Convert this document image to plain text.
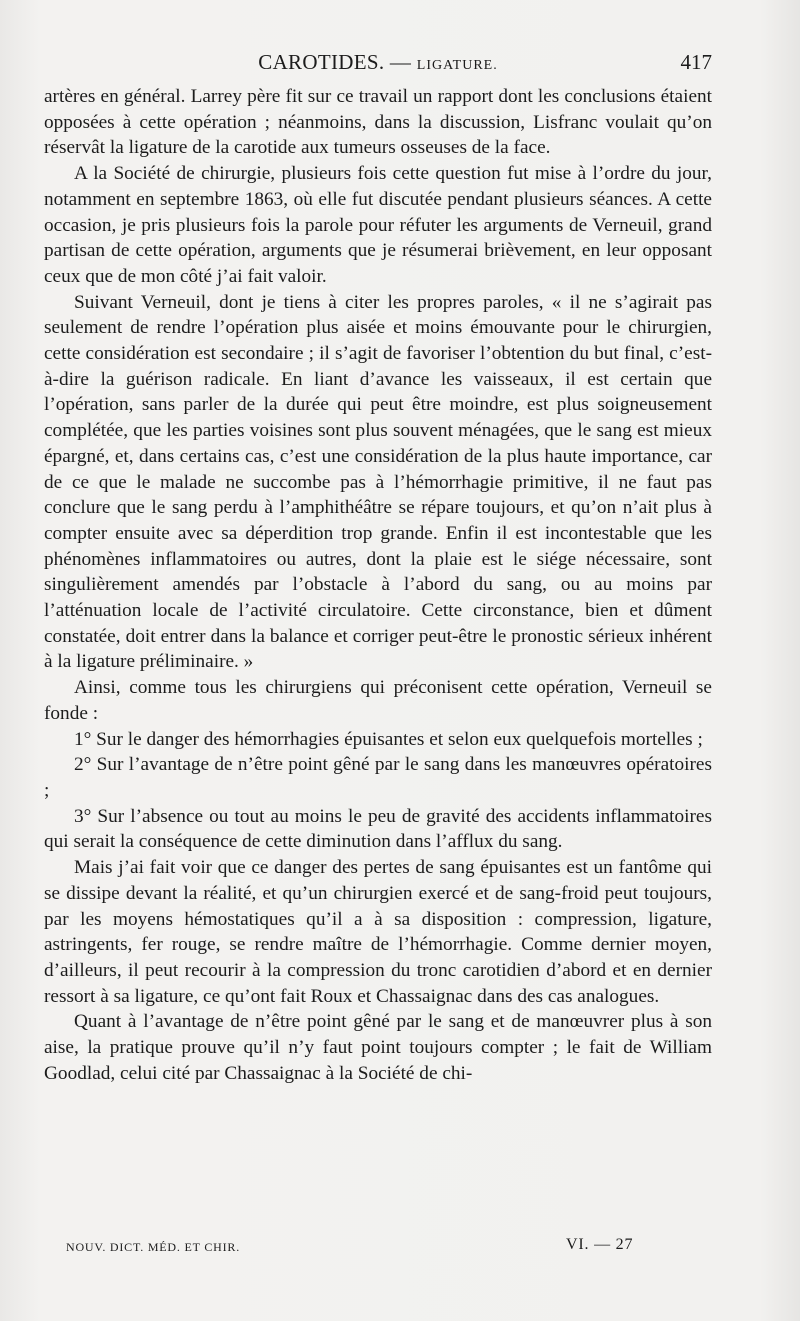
CAROTIDES. — LIGATURE.	417

artères en général. Larrey père fit sur ce travail un rapport dont les conclusions étaient opposées à cette opération ; néanmoins, dans la discussion, Lisfranc voulait qu’on réservât la ligature de la carotide aux tumeurs osseuses de la face.

A la Société de chirurgie, plusieurs fois cette question fut mise à l’ordre du jour, notamment en septembre 1863, où elle fut discutée pendant plusieurs séances. A cette occasion, je pris plusieurs fois la parole pour réfuter les arguments de Verneuil, grand partisan de cette opération, arguments que je résumerai brièvement, en leur opposant ceux que de mon côté j’ai fait valoir.

Suivant Verneuil, dont je tiens à citer les propres paroles, « il ne s’agirait pas seulement de rendre l’opération plus aisée et moins émouvante pour le chirurgien, cette considération est secondaire ; il s’agit de favoriser l’obtention du but final, c’est-à-dire la guérison radicale. En liant d’avance les vaisseaux, il est certain que l’opération, sans parler de la durée qui peut être moindre, est plus soigneusement complétée, que les parties voisines sont plus souvent ménagées, que le sang est mieux épargné, et, dans certains cas, c’est une considération de la plus haute importance, car de ce que le malade ne succombe pas à l’hémorrhagie primitive, il ne faut pas conclure que le sang perdu à l’amphithéâtre se répare toujours, et qu’on n’ait plus à compter ensuite avec sa déperdition trop grande. Enfin il est incontestable que les phénomènes inflammatoires ou autres, dont la plaie est le siége nécessaire, sont singulièrement amendés par l’obstacle à l’abord du sang, ou au moins par l’atténuation locale de l’activité circulatoire. Cette circonstance, bien et dûment constatée, doit entrer dans la balance et corriger peut-être le pronostic sérieux inhérent à la ligature préliminaire. »

Ainsi, comme tous les chirurgiens qui préconisent cette opération, Verneuil se fonde :

1° Sur le danger des hémorrhagies épuisantes et selon eux quelquefois mortelles ;

2° Sur l’avantage de n’être point gêné par le sang dans les manœuvres opératoires ;

3° Sur l’absence ou tout au moins le peu de gravité des accidents inflammatoires qui serait la conséquence de cette diminution dans l’afflux du sang.

Mais j’ai fait voir que ce danger des pertes de sang épuisantes est un fantôme qui se dissipe devant la réalité, et qu’un chirurgien exercé et de sang-froid peut toujours, par les moyens hémostatiques qu’il a à sa disposition : compression, ligature, astringents, fer rouge, se rendre maître de l’hémorrhagie. Comme dernier moyen, d’ailleurs, il peut recourir à la compression du tronc carotidien d’abord et en dernier ressort à sa ligature, ce qu’ont fait Roux et Chassaignac dans des cas analogues.

Quant à l’avantage de n’être point gêné par le sang et de manœuvrer plus à son aise, la pratique prouve qu’il n’y faut point toujours compter ; le fait de William Goodlad, celui cité par Chassaignac à la Société de chi-

NOUV. DICT. MÉD. ET CHIR.	VI. — 27
